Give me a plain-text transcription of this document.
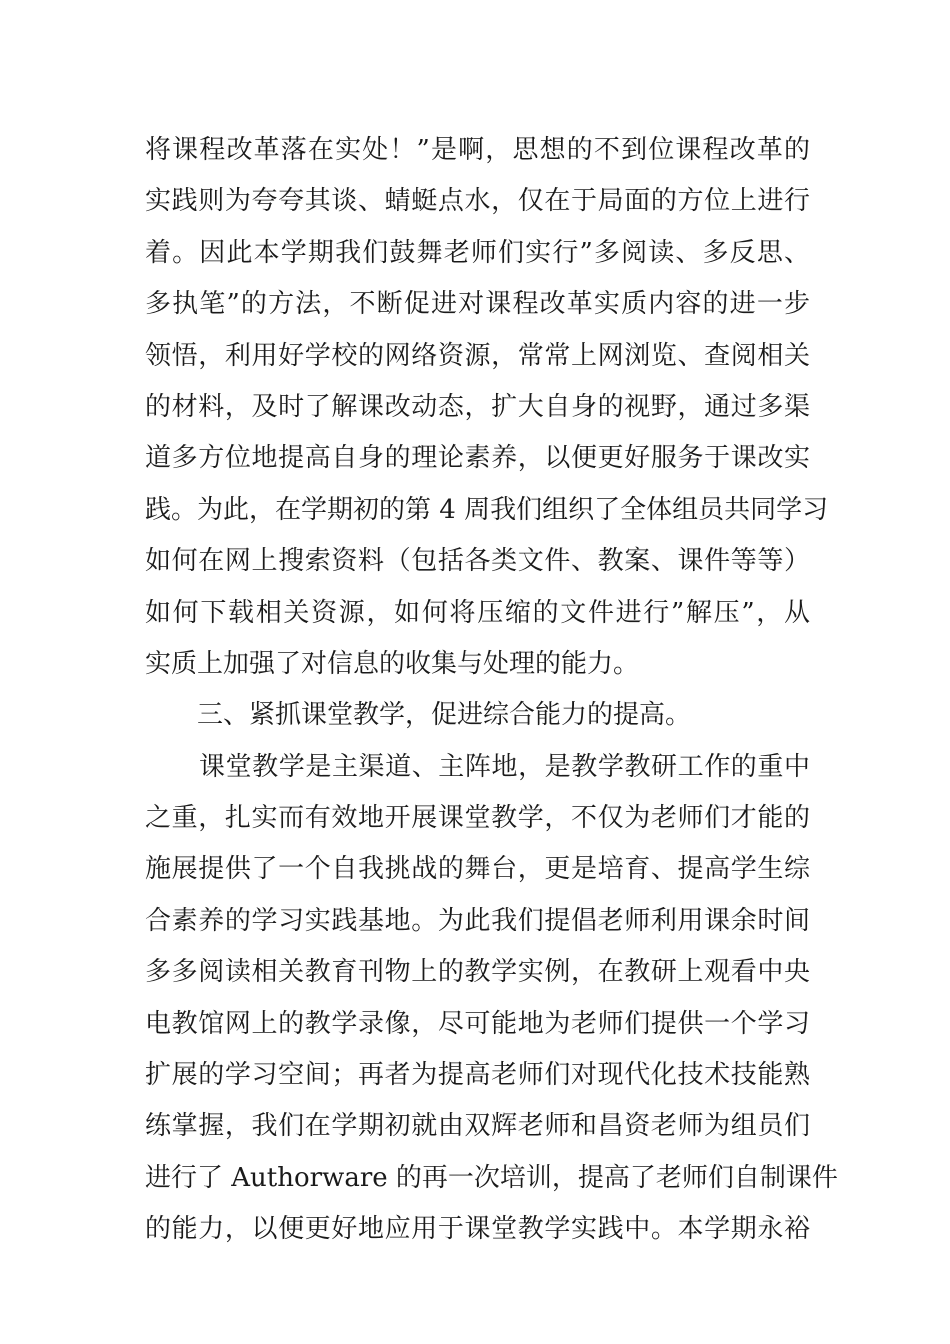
将课程改革落在实处！”是啊，思想的不到位课程改革的
实践则为夸夸其谈、蜻蜓点水，仅在于局面的方位上进行
着。因此本学期我们鼓舞老师们实行”多阅读、多反思、
多执笔”的方法，不断促进对课程改革实质内容的进一步
领悟，利用好学校的网络资源，常常上网浏览、查阅相关
的材料，及时了解课改动态，扩大自身的视野，通过多渠
道多方位地提高自身的理论素养，以便更好服务于课改实
践。为此，在学期初的第 4 周我们组织了全体组员共同学习
如何在网上搜索资料（包括各类文件、教案、课件等等）
如何下载相关资源，如何将压缩的文件进行”解压”，从
实质上加强了对信息的收集与处理的能力。
三、紧抓课堂教学，促进综合能力的提高。
课堂教学是主渠道、主阵地，是教学教研工作的重中
之重，扎实而有效地开展课堂教学，不仅为老师们才能的
施展提供了一个自我挑战的舞台，更是培育、提高学生综
合素养的学习实践基地。为此我们提倡老师利用课余时间
多多阅读相关教育刊物上的教学实例，在教研上观看中央
电教馆网上的教学录像，尽可能地为老师们提供一个学习
扩展的学习空间；再者为提高老师们对现代化技术技能熟
练掌握，我们在学期初就由双辉老师和昌资老师为组员们
进行了 Authorware 的再一次培训，提高了老师们自制课件
的能力，以便更好地应用于课堂教学实践中。本学期永裕
